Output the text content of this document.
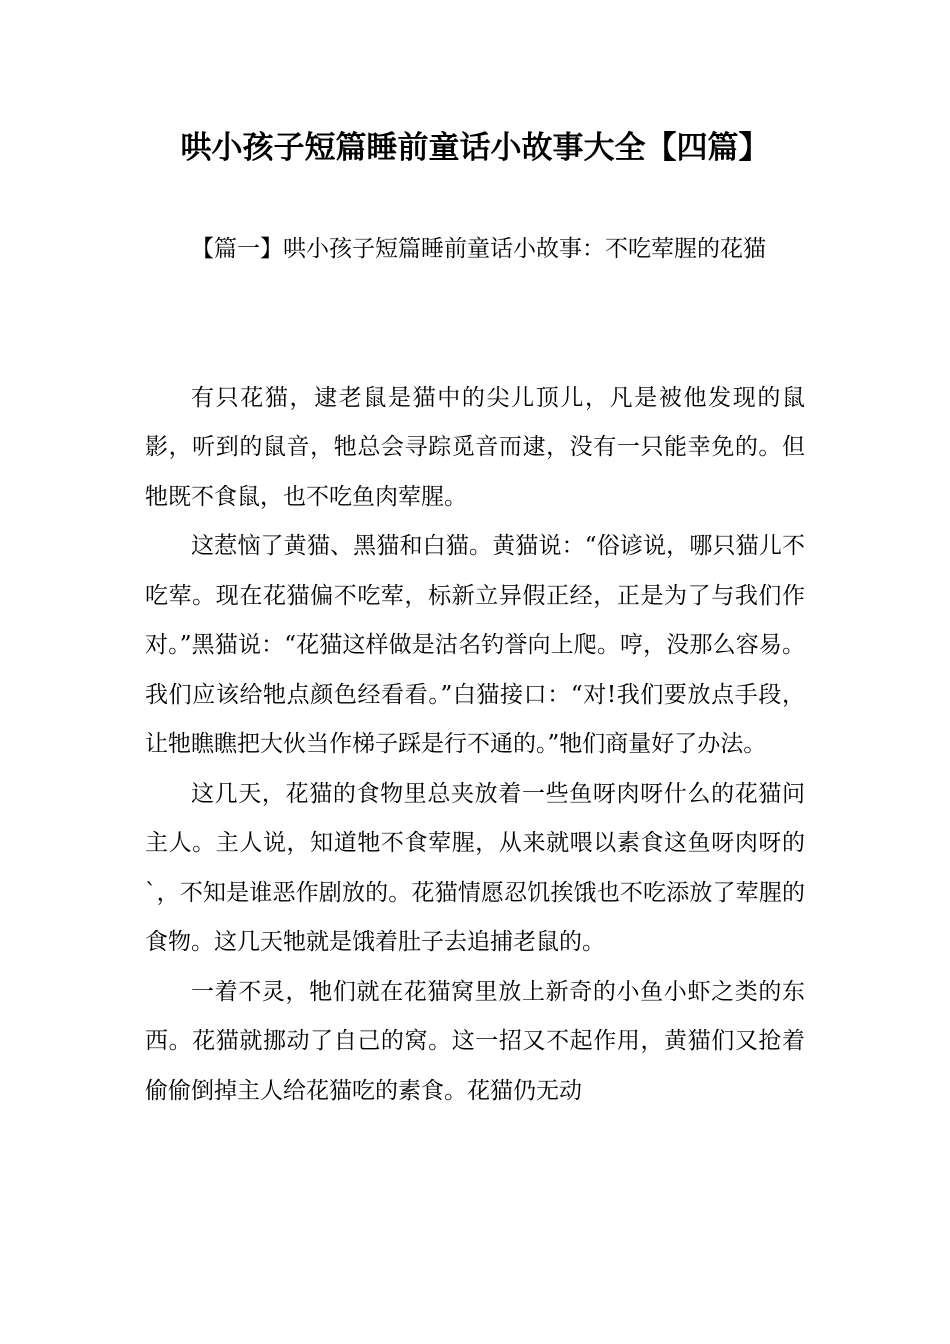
哄小孩子短篇睡前童话小故事大全【四篇】

【篇一】哄小孩子短篇睡前童话小故事：不吃荤腥的花猫

有只花猫，逮老鼠是猫中的尖儿顶儿，凡是被他发现的鼠影，听到的鼠音，牠总会寻踪觅音而逮，没有一只能幸免的。但牠既不食鼠，也不吃鱼肉荤腥。

这惹恼了黄猫、黑猫和白猫。黄猫说：“俗谚说，哪只猫儿不吃荤。现在花猫偏不吃荤，标新立异假正经，正是为了与我们作对。”黑猫说：“花猫这样做是沽名钓誉向上爬。哼，没那么容易。我们应该给牠点颜色经看看。”白猫接口：“对!我们要放点手段，让牠瞧瞧把大伙当作梯子踩是行不通的。”牠们商量好了办法。

这几天，花猫的食物里总夹放着一些鱼呀肉呀什么的花猫问主人。主人说，知道牠不食荤腥，从来就喂以素食这鱼呀肉呀的`，不知是谁恶作剧放的。花猫情愿忍饥挨饿也不吃添放了荤腥的食物。这几天牠就是饿着肚子去追捕老鼠的。

一着不灵，牠们就在花猫窝里放上新奇的小鱼小虾之类的东西。花猫就挪动了自己的窝。这一招又不起作用，黄猫们又抢着偷偷倒掉主人给花猫吃的素食。花猫仍无动
